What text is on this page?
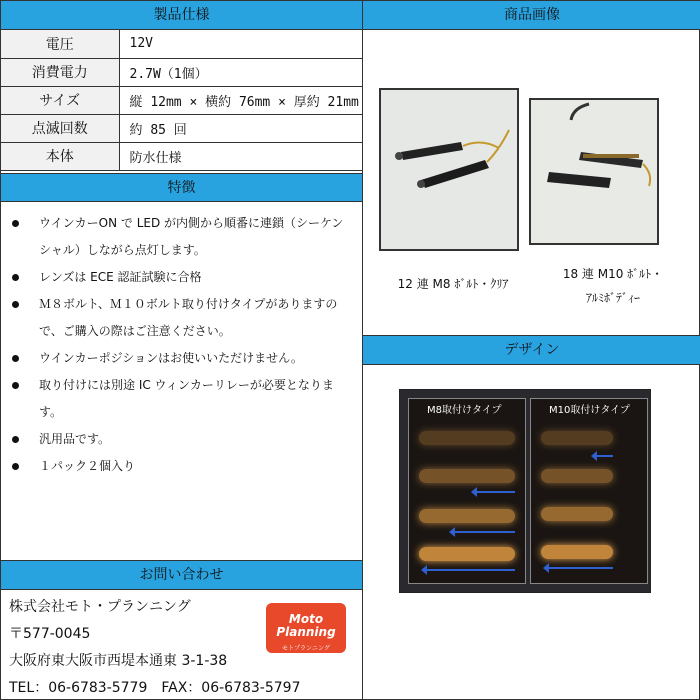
製品仕様
電圧	12V
消費電力	2.7W（1個）
サイズ	縦 12mm × 横約 76mm × 厚約 21mm
点滅回数	約 85 回
本体	防水仕様
特徴
ウインカーON で LED が内側から順番に連鎖（シーケンシャル）しながら点灯します。
レンズは ECE 認証試験に合格
Ｍ８ボルト、Ｍ１０ボルト取り付けタイプがありますので、ご購入の際はご注意ください。
ウインカーポジションはお使いいただけません。
取り付けには別途 IC ウィンカーリレーが必要となります。
汎用品です。
１パック２個入り
お問い合わせ
株式会社モト・プランニング
〒577-0045
大阪府東大阪市西堤本通東 3-1-38
TEL：06-6783-5779　FAX：06-6783-5797
Moto Planning
モトプランニング
商品画像
12 連 M8 ﾎﾞﾙﾄ・ｸﾘｱ
18 連 M10 ﾎﾞﾙﾄ・
ｱﾙﾐﾎﾞﾃﾞｨｰ
デザイン
M8取付けタイプ	M10取付けタイプ
